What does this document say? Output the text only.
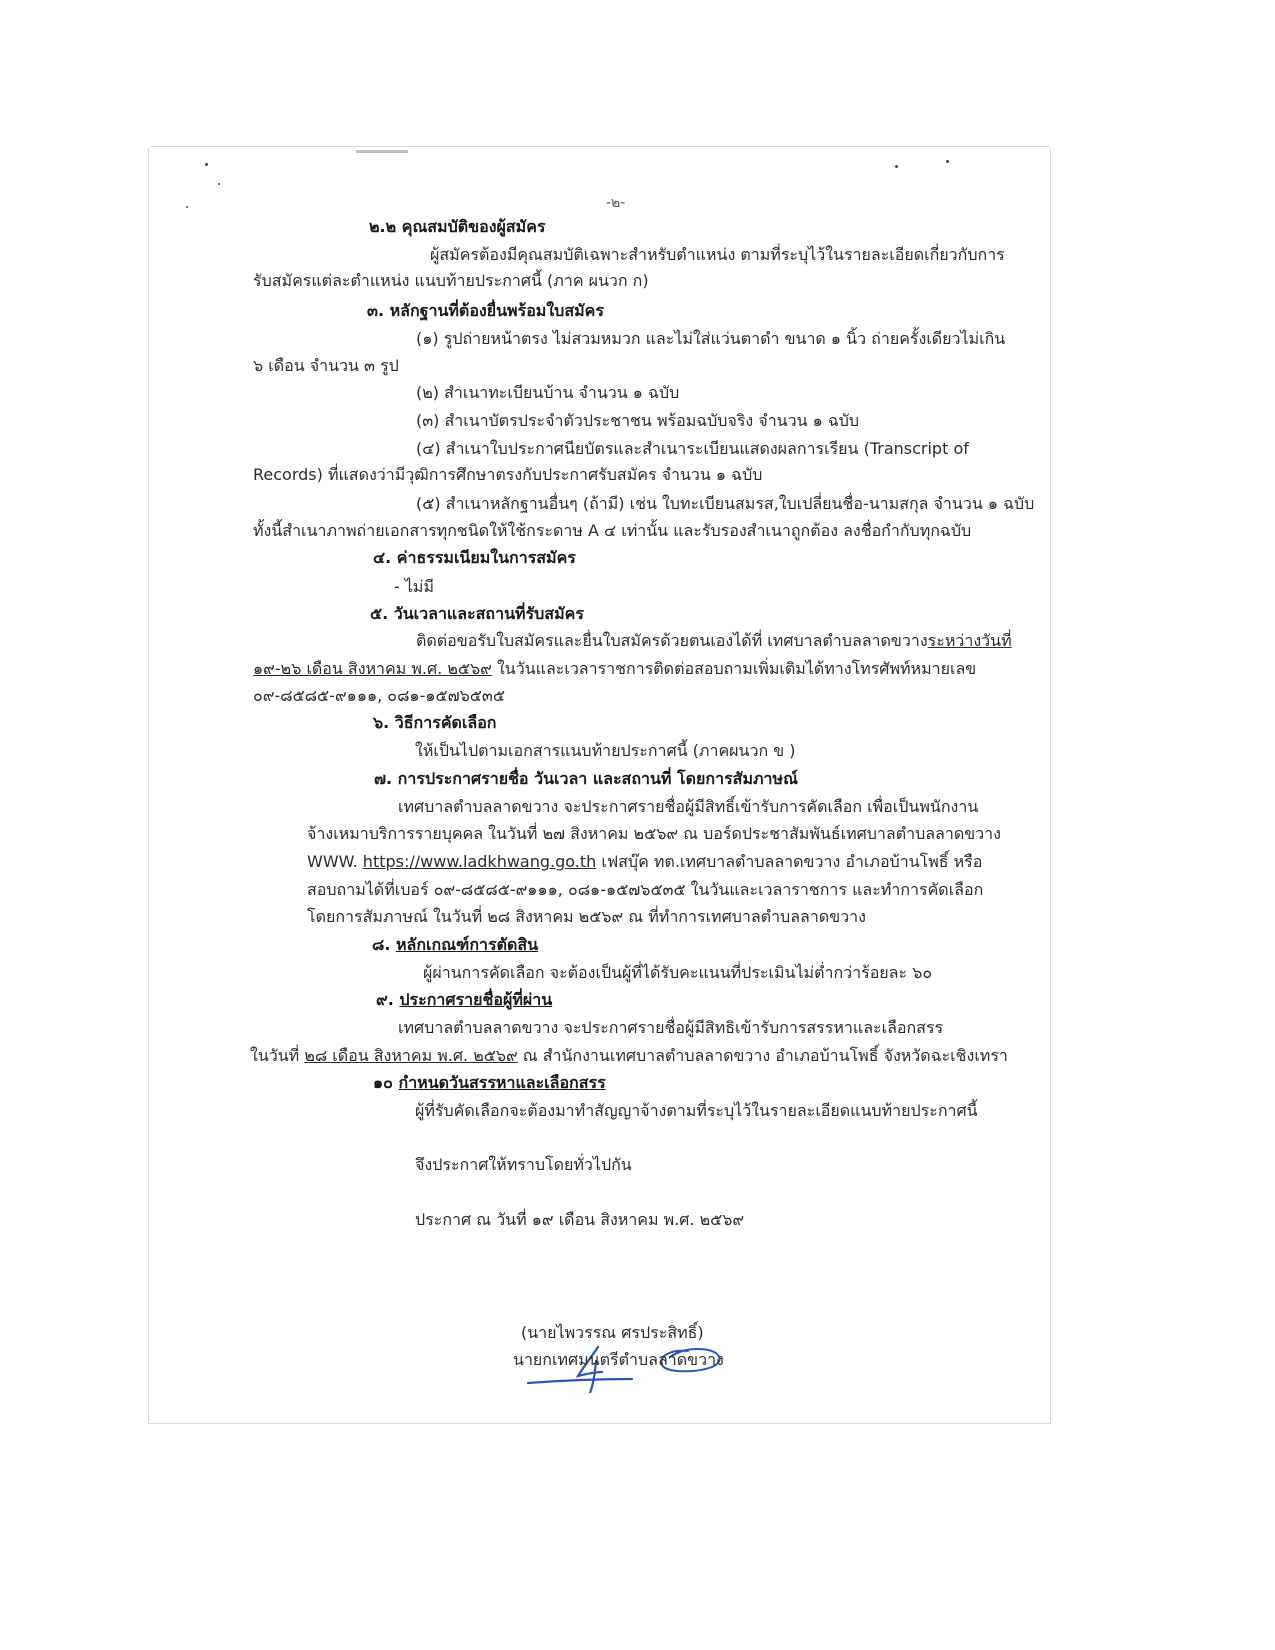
-๒-
๒.๒ คุณสมบัติของผู้สมัคร
ผู้สมัครต้องมีคุณสมบัติเฉพาะสำหรับตำแหน่ง ตามที่ระบุไว้ในรายละเอียดเกี่ยวกับการ
รับสมัครแต่ละตำแหน่ง แนบท้ายประกาศนี้ (ภาค ผนวก ก)
๓. หลักฐานที่ต้องยื่นพร้อมใบสมัคร
(๑) รูปถ่ายหน้าตรง ไม่สวมหมวก และไม่ใส่แว่นตาดำ ขนาด ๑ นิ้ว ถ่ายครั้งเดียวไม่เกิน
๖ เดือน จำนวน ๓ รูป
(๒) สำเนาทะเบียนบ้าน จำนวน ๑ ฉบับ
(๓) สำเนาบัตรประจำตัวประชาชน พร้อมฉบับจริง จำนวน ๑ ฉบับ
(๔) สำเนาใบประกาศนียบัตรและสำเนาระเบียนแสดงผลการเรียน (Transcript of
Records) ที่แสดงว่ามีวุฒิการศึกษาตรงกับประกาศรับสมัคร จำนวน ๑ ฉบับ
(๕) สำเนาหลักฐานอื่นๆ (ถ้ามี) เช่น ใบทะเบียนสมรส,ใบเปลี่ยนชื่อ-นามสกุล จำนวน ๑ ฉบับ
ทั้งนี้สำเนาภาพถ่ายเอกสารทุกชนิดให้ใช้กระดาษ A ๔ เท่านั้น และรับรองสำเนาถูกต้อง ลงชื่อกำกับทุกฉบับ
๔. ค่าธรรมเนียมในการสมัคร
- ไม่มี
๕. วันเวลาและสถานที่รับสมัคร
ติดต่อขอรับใบสมัครและยื่นใบสมัครด้วยตนเองได้ที่ เทศบาลตำบลลาดขวางระหว่างวันที่
๑๙-๒๖ เดือน สิงหาคม พ.ศ. ๒๕๖๙ ในวันและเวลาราชการติดต่อสอบถามเพิ่มเติมได้ทางโทรศัพท์หมายเลข
๐๙-๘๕๘๕-๙๑๑๑, ๐๘๑-๑๕๗๖๕๓๕
๖. วิธีการคัดเลือก
ให้เป็นไปตามเอกสารแนบท้ายประกาศนี้ (ภาคผนวก ข )
๗. การประกาศรายชื่อ วันเวลา และสถานที่ โดยการสัมภาษณ์
เทศบาลตำบลลาดขวาง จะประกาศรายชื่อผู้มีสิทธิ์เข้ารับการคัดเลือก เพื่อเป็นพนักงาน
จ้างเหมาบริการรายบุคคล ในวันที่ ๒๗ สิงหาคม ๒๕๖๙ ณ บอร์ดประชาสัมพันธ์เทศบาลตำบลลาดขวาง
WWW. https://www.ladkhwang.go.th เฟสบุ๊ค ทต.เทศบาลตำบลลาดขวาง อำเภอบ้านโพธิ์ หรือ
สอบถามได้ที่เบอร์ ๐๙-๘๕๘๕-๙๑๑๑, ๐๘๑-๑๕๗๖๕๓๕ ในวันและเวลาราชการ และทำการคัดเลือก
โดยการสัมภาษณ์ ในวันที่ ๒๘ สิงหาคม ๒๕๖๙ ณ ที่ทำการเทศบาลตำบลลาดขวาง
๘. หลักเกณฑ์การตัดสิน
ผู้ผ่านการคัดเลือก จะต้องเป็นผู้ที่ได้รับคะแนนที่ประเมินไม่ต่ำกว่าร้อยละ ๖๐
๙. ประกาศรายชื่อผู้ที่ผ่าน
เทศบาลตำบลลาดขวาง จะประกาศรายชื่อผู้มีสิทธิเข้ารับการสรรหาและเลือกสรร
ในวันที่ ๒๘ เดือน สิงหาคม พ.ศ. ๒๕๖๙ ณ สำนักงานเทศบาลตำบลลาดขวาง อำเภอบ้านโพธิ์ จังหวัดฉะเชิงเทรา
๑๐ กำหนดวันสรรหาและเลือกสรร
ผู้ที่รับคัดเลือกจะต้องมาทำสัญญาจ้างตามที่ระบุไว้ในรายละเอียดแนบท้ายประกาศนี้
จึงประกาศให้ทราบโดยทั่วไปกัน
ประกาศ ณ วันที่ ๑๙ เดือน สิงหาคม พ.ศ. ๒๕๖๙
(นายไพวรรณ ศรประสิทธิ์)
นายกเทศมนตรีตำบลลาดขวาง
